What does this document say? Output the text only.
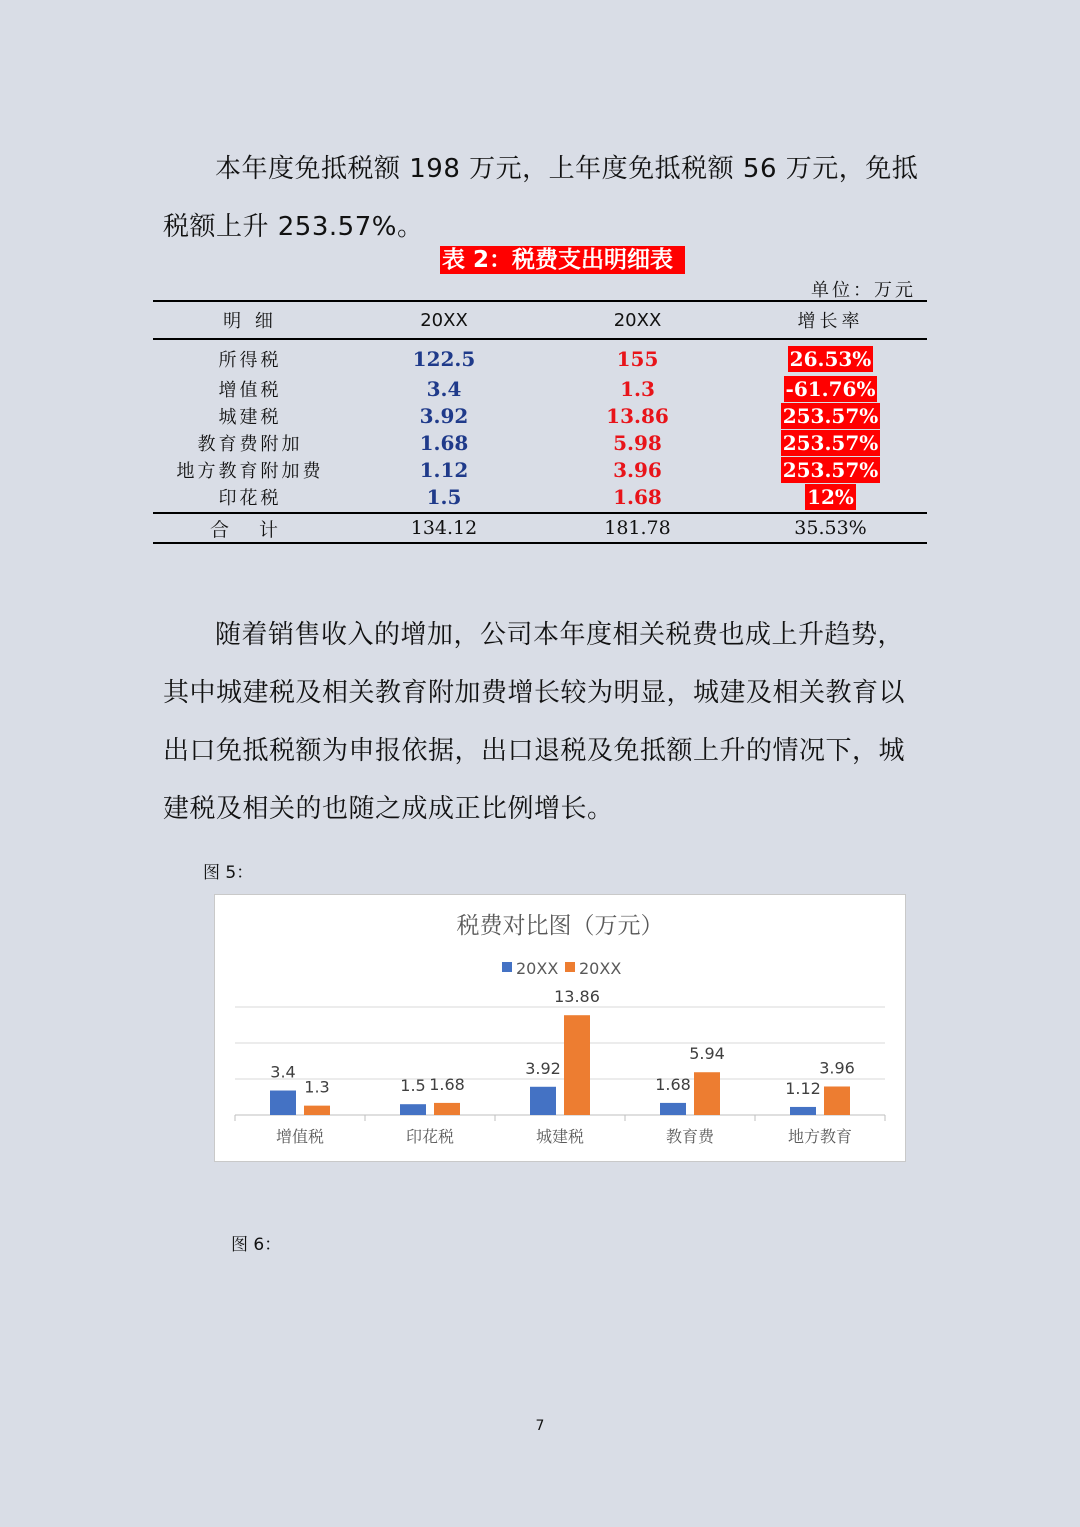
本年度免抵税额 198 万元，上年度免抵税额 56 万元，免抵税额上升 253.57%。

表 2：税费支出明细表
单位：万元
明 细	20XX	20XX	增长率
所得税	122.5	155	26.53%
增值税	3.4	1.3	-61.76%
城建税	3.92	13.86	253.57%
教育费附加	1.68	5.98	253.57%
地方教育附加费	1.12	3.96	253.57%
印花税	1.5	1.68	12%
合 计	134.12	181.78	35.53%

随着销售收入的增加，公司本年度相关税费也成上升趋势，其中城建税及相关教育附加费增长较为明显，城建及相关教育以出口免抵税额为申报依据，出口退税及免抵额上升的情况下，城建税及相关的也随之成成正比例增长。

图 5：
税费对比图（万元）
20XX 20XX
增值税
3.4
1.3
印花税
1.5 1.68
城建税
3.92
13.86
教育费
1.68
5.94
地方教育
1.12
3.96
图 6：
7
